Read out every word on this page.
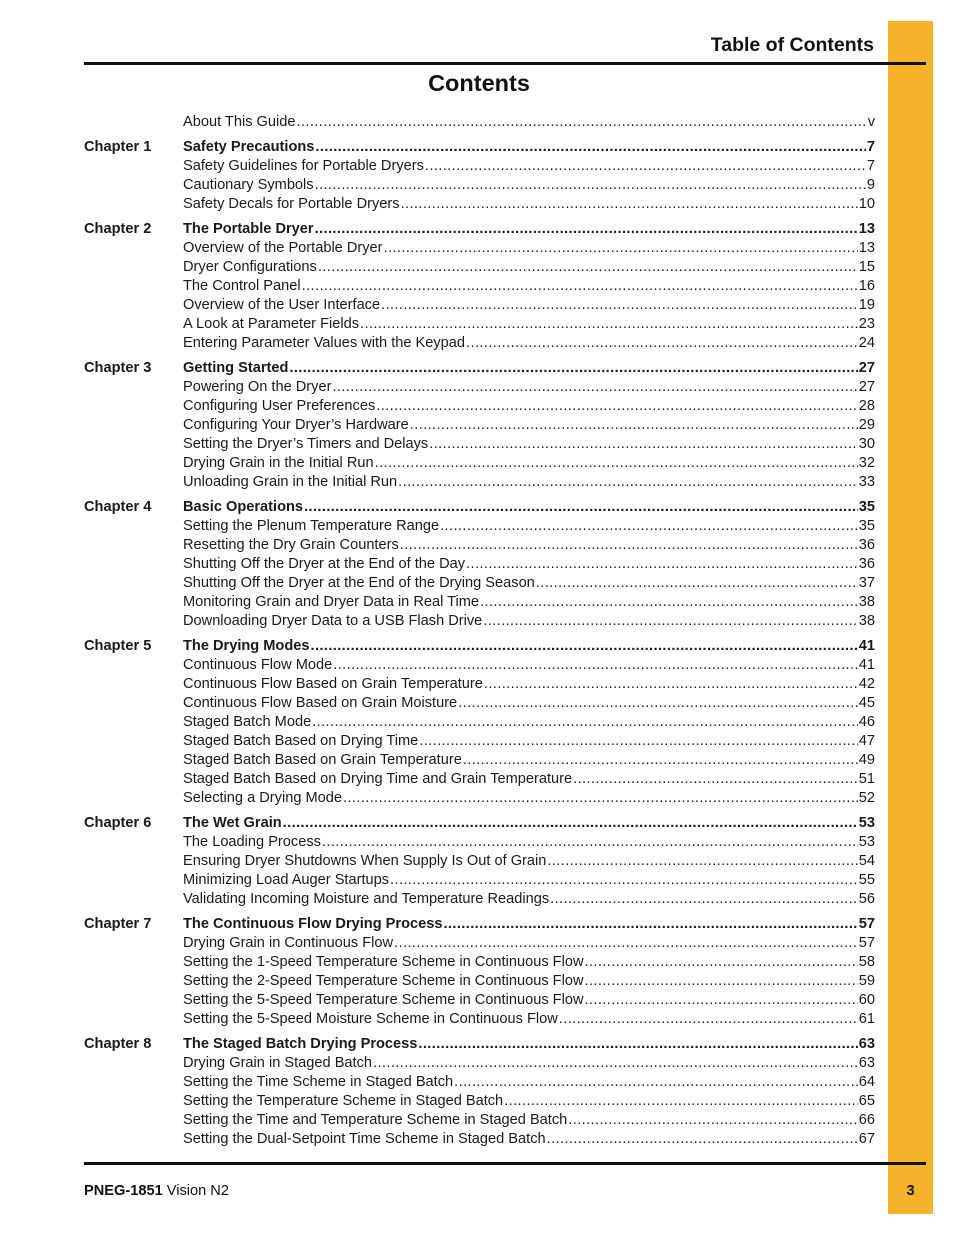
Table of Contents
Contents
About This Guide .....	v
Chapter 1 Safety Precautions .....	7
Safety Guidelines for Portable Dryers .....	7
Cautionary Symbols .....	9
Safety Decals for Portable Dryers .....	10
Chapter 2 The Portable Dryer .....	13
Overview of the Portable Dryer .....	13
Dryer Configurations .....	15
The Control Panel .....	16
Overview of the User Interface .....	19
A Look at Parameter Fields .....	23
Entering Parameter Values with the Keypad .....	24
Chapter 3 Getting Started .....	27
Powering On the Dryer .....	27
Configuring User Preferences .....	28
Configuring Your Dryer’s Hardware .....	29
Setting the Dryer’s Timers and Delays .....	30
Drying Grain in the Initial Run .....	32
Unloading Grain in the Initial Run .....	33
Chapter 4 Basic Operations .....	35
Setting the Plenum Temperature Range .....	35
Resetting the Dry Grain Counters .....	36
Shutting Off the Dryer at the End of the Day .....	36
Shutting Off the Dryer at the End of the Drying Season .....	37
Monitoring Grain and Dryer Data in Real Time .....	38
Downloading Dryer Data to a USB Flash Drive .....	38
Chapter 5 The Drying Modes .....	41
Continuous Flow Mode .....	41
Continuous Flow Based on Grain Temperature .....	42
Continuous Flow Based on Grain Moisture .....	45
Staged Batch Mode .....	46
Staged Batch Based on Drying Time .....	47
Staged Batch Based on Grain Temperature .....	49
Staged Batch Based on Drying Time and Grain Temperature .....	51
Selecting a Drying Mode .....	52
Chapter 6 The Wet Grain .....	53
The Loading Process .....	53
Ensuring Dryer Shutdowns When Supply Is Out of Grain .....	54
Minimizing Load Auger Startups .....	55
Validating Incoming Moisture and Temperature Readings .....	56
Chapter 7 The Continuous Flow Drying Process .....	57
Drying Grain in Continuous Flow .....	57
Setting the 1-Speed Temperature Scheme in Continuous Flow .....	58
Setting the 2-Speed Temperature Scheme in Continuous Flow .....	59
Setting the 5-Speed Temperature Scheme in Continuous Flow .....	60
Setting the 5-Speed Moisture Scheme in Continuous Flow .....	61
Chapter 8 The Staged Batch Drying Process .....	63
Drying Grain in Staged Batch .....	63
Setting the Time Scheme in Staged Batch .....	64
Setting the Temperature Scheme in Staged Batch .....	65
Setting the Time and Temperature Scheme in Staged Batch .....	66
Setting the Dual-Setpoint Time Scheme in Staged Batch .....	67
PNEG-1851 Vision N2	3
